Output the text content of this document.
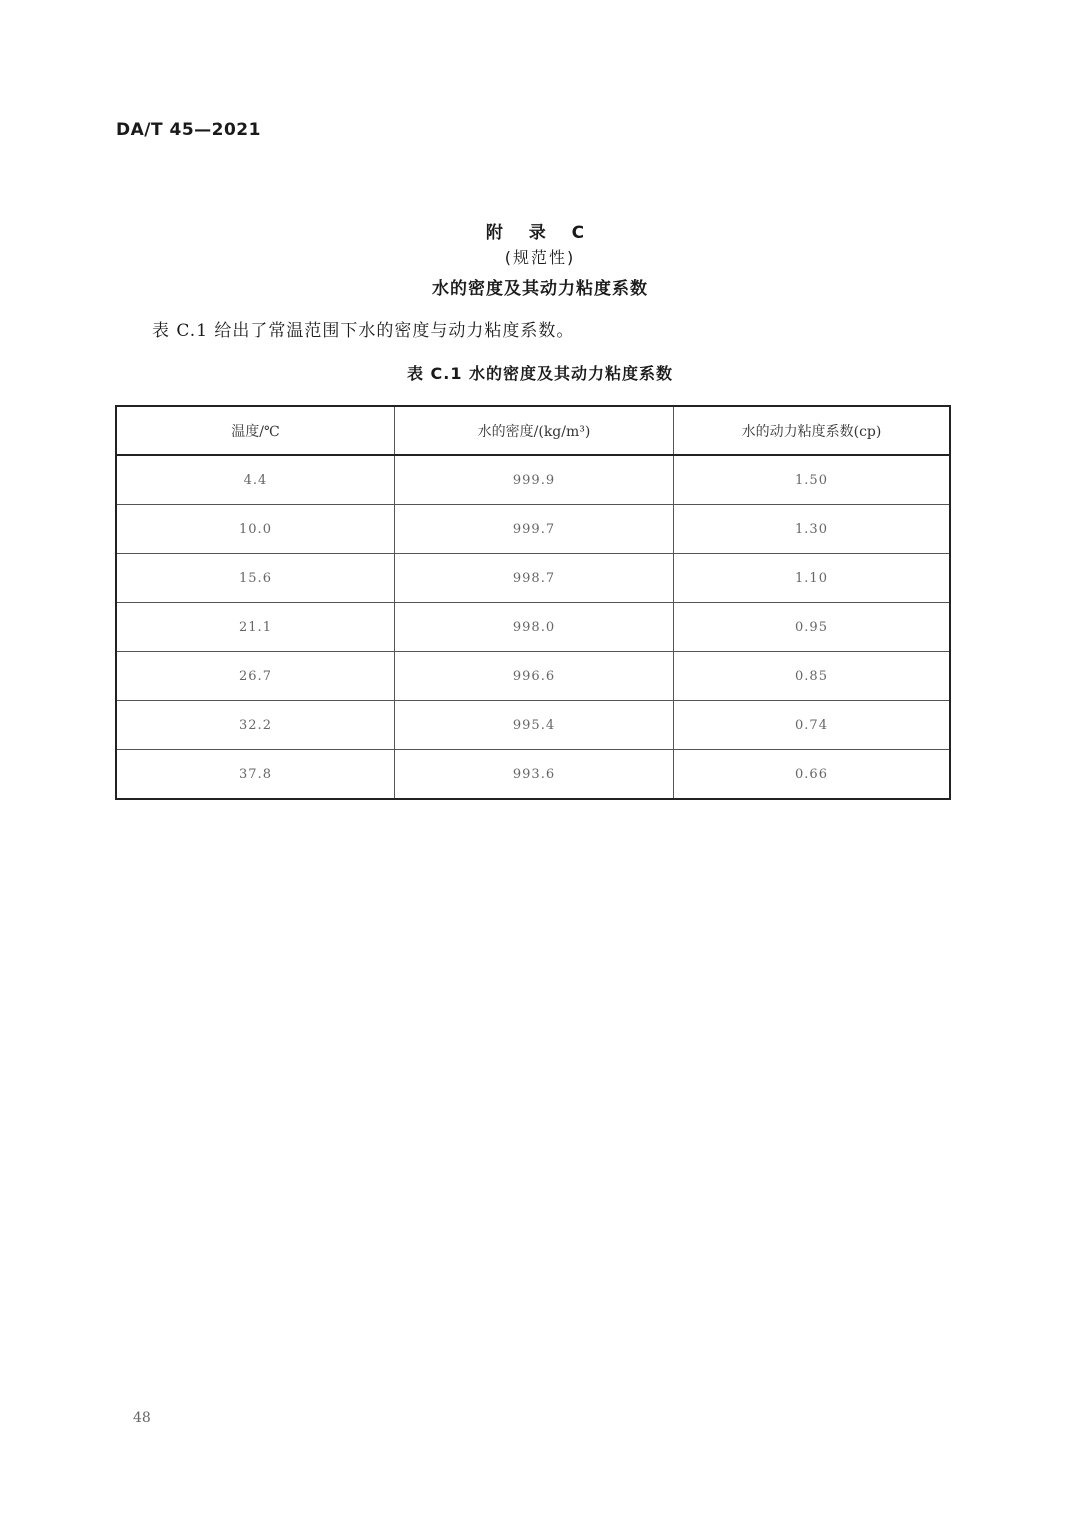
DA/T 45—2021
附 录 C
(规范性)
水的密度及其动力粘度系数
表 C.1 给出了常温范围下水的密度与动力粘度系数。
表 C.1 水的密度及其动力粘度系数
温度/℃	水的密度/(kg/m³)	水的动力粘度系数(cp)
4.4	999.9	1.50
10.0	999.7	1.30
15.6	998.7	1.10
21.1	998.0	0.95
26.7	996.6	0.85
32.2	995.4	0.74
37.8	993.6	0.66
48
